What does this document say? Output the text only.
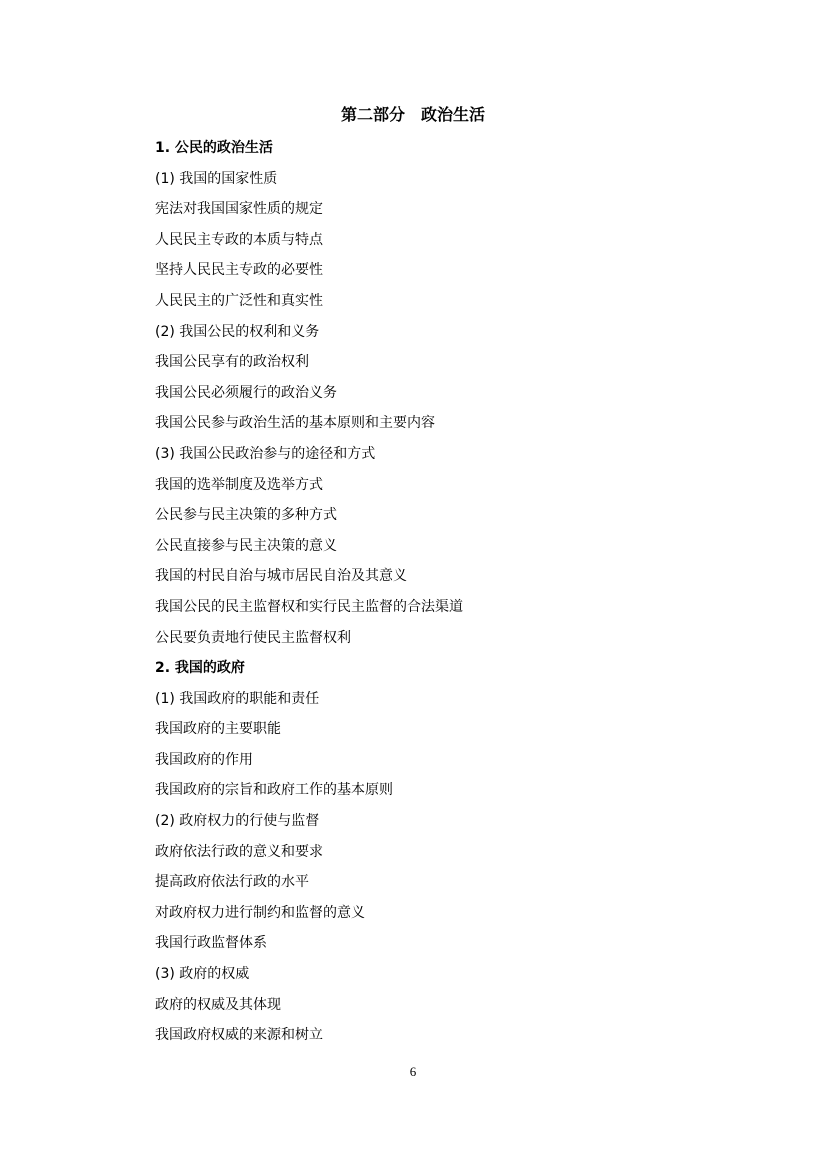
第二部分　政治生活
1. 公民的政治生活
(1) 我国的国家性质
宪法对我国国家性质的规定
人民民主专政的本质与特点
坚持人民民主专政的必要性
人民民主的广泛性和真实性
(2) 我国公民的权利和义务
我国公民享有的政治权利
我国公民必须履行的政治义务
我国公民参与政治生活的基本原则和主要内容
(3) 我国公民政治参与的途径和方式
我国的选举制度及选举方式
公民参与民主决策的多种方式
公民直接参与民主决策的意义
我国的村民自治与城市居民自治及其意义
我国公民的民主监督权和实行民主监督的合法渠道
公民要负责地行使民主监督权利
2. 我国的政府
(1) 我国政府的职能和责任
我国政府的主要职能
我国政府的作用
我国政府的宗旨和政府工作的基本原则
(2) 政府权力的行使与监督
政府依法行政的意义和要求
提高政府依法行政的水平
对政府权力进行制约和监督的意义
我国行政监督体系
(3) 政府的权威
政府的权威及其体现
我国政府权威的来源和树立
6
